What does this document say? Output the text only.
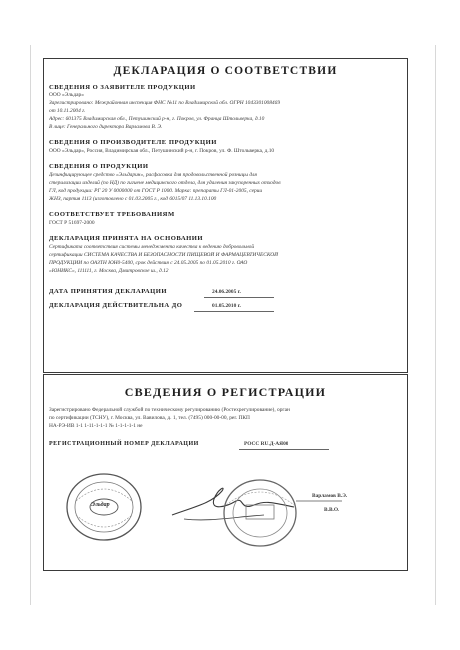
ДЕКЛАРАЦИЯ О СООТВЕТСТВИИ
СВЕДЕНИЯ О ЗАЯВИТЕЛЕ ПРОДУКЦИИ
ООО «Эльдар»
Зарегистрировано: Межрайонная инспекция ФНС №11 по Владимирской обл. ОГРН 1043301008469
от 10.11.2004 г.
Адрес: 601375 Владимирская обл., Петушинский р-н, г. Покров, ул. Франца Штольверка, д.10
В лице: Генерального директора Варламова В. Э.
СВЕДЕНИЯ О ПРОИЗВОДИТЕЛЕ ПРОДУКЦИИ
ООО «Эльдар», Россия, Владимирская обл., Петушинский р-н, г. Покров, ул. Ф. Штольверка, д.10
СВЕДЕНИЯ О ПРОДУКЦИИ
Дезинфицирующее средство «Эльдарин», расфасовка для продовольственной розницы для
стерилизации изделий (по НД) по гигиене медицинского отдела, для удаления закупоренных отходов
ГЛ, код продукции: РГ 20 У 0000000 от ГОСТ Р 1000. Марка: препараты ГЛ-01-2005, серии
ЖНЗ, партия 1113 (изготовлено с 01.03.2005 г., код 6015/07 11.13.10.100
СООТВЕТСТВУЕТ ТРЕБОВАНИЯМ
ГОСТ Р 51697-2000
ДЕКЛАРАЦИЯ ПРИНЯТА НА ОСНОВАНИИ
Сертификата соответствия системы менеджмента качества к ведению добровольной
сертификации СИСТЕМА КАЧЕСТВА И БЕЗОПАСНОСТИ ПИЩЕВОЙ И ФАРМАЦЕВТИЧЕСКОЙ
ПРОДУКЦИИ по ОАЗТН ЮН0-5400, срок действия с 24.05.2005 по 01.05.2010 г. ОАО
«ЮНИКС», 111111, г. Москва, Дмитровское ш., д.12
ДАТА ПРИНЯТИЯ ДЕКЛАРАЦИИ	24.06.2005 г.
ДЕКЛАРАЦИЯ ДЕЙСТВИТЕЛЬНА ДО	01.05.2010 г.
СВЕДЕНИЯ О РЕГИСТРАЦИИ
Зарегистрировано Федеральной службой по техническому регулированию (Ростехрегулирование), орган
по сертификации (ТСНУ), г. Москва, ул. Вавилова, д. 1, тел. (7495) 000-00-00, per. ПКП
НА-РЭ-ИВ 1-1 1-11-1-1-1 № 1-1-1-1-1 не
РЕГИСТРАЦИОННЫЙ НОМЕР ДЕКЛАРАЦИИ	РОСС RU.Д-АЯ00
Эльдар
Варламов В.Э.
В.В.О.
